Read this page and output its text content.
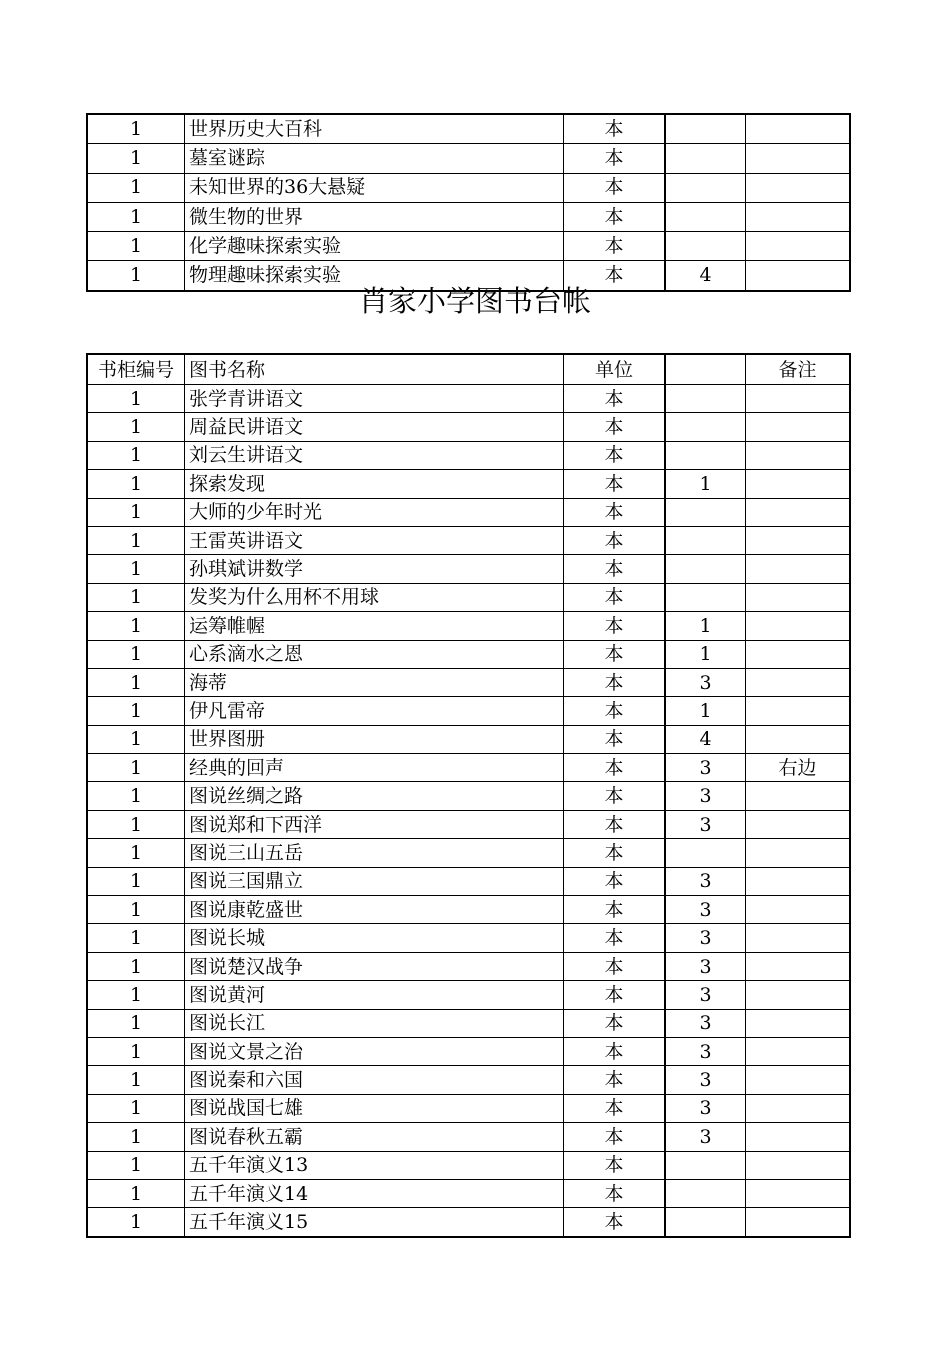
1	世界历史大百科	本		
1	墓室谜踪	本		
1	未知世界的36大悬疑	本		
1	微生物的世界	本		
1	化学趣味探索实验	本		
1	物理趣味探索实验	本	4	
肖家小学图书台帐
书柜编号	图书名称	单位		备注
1	张学青讲语文	本		
1	周益民讲语文	本		
1	刘云生讲语文	本		
1	探索发现	本	1	
1	大师的少年时光	本		
1	王雷英讲语文	本		
1	孙琪斌讲数学	本		
1	发奖为什么用杯不用球	本		
1	运筹帷幄	本	1	
1	心系滴水之恩	本	1	
1	海蒂	本	3	
1	伊凡雷帝	本	1	
1	世界图册	本	4	
1	经典的回声	本	3	右边
1	图说丝绸之路	本	3	
1	图说郑和下西洋	本	3	
1	图说三山五岳	本		
1	图说三国鼎立	本	3	
1	图说康乾盛世	本	3	
1	图说长城	本	3	
1	图说楚汉战争	本	3	
1	图说黄河	本	3	
1	图说长江	本	3	
1	图说文景之治	本	3	
1	图说秦和六国	本	3	
1	图说战国七雄	本	3	
1	图说春秋五霸	本	3	
1	五千年演义13	本		
1	五千年演义14	本		
1	五千年演义15	本		
